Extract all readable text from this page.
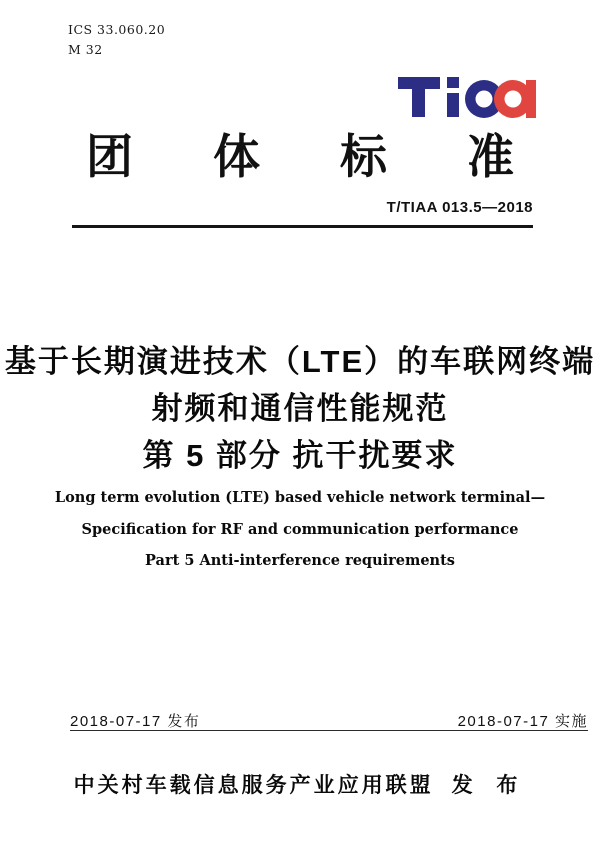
ICS 33.060.20
M 32
团 体 标 准
T/TIAA 013.5—2018
基于长期演进技术（LTE）的车联网终端
射频和通信性能规范
第 5 部分 抗干扰要求
Long term evolution (LTE) based vehicle network terminal—
Specification for RF and communication performance
Part 5 Anti-interference requirements
2018-07-17 发布	2018-07-17 实施
中关村车载信息服务产业应用联盟 发 布
